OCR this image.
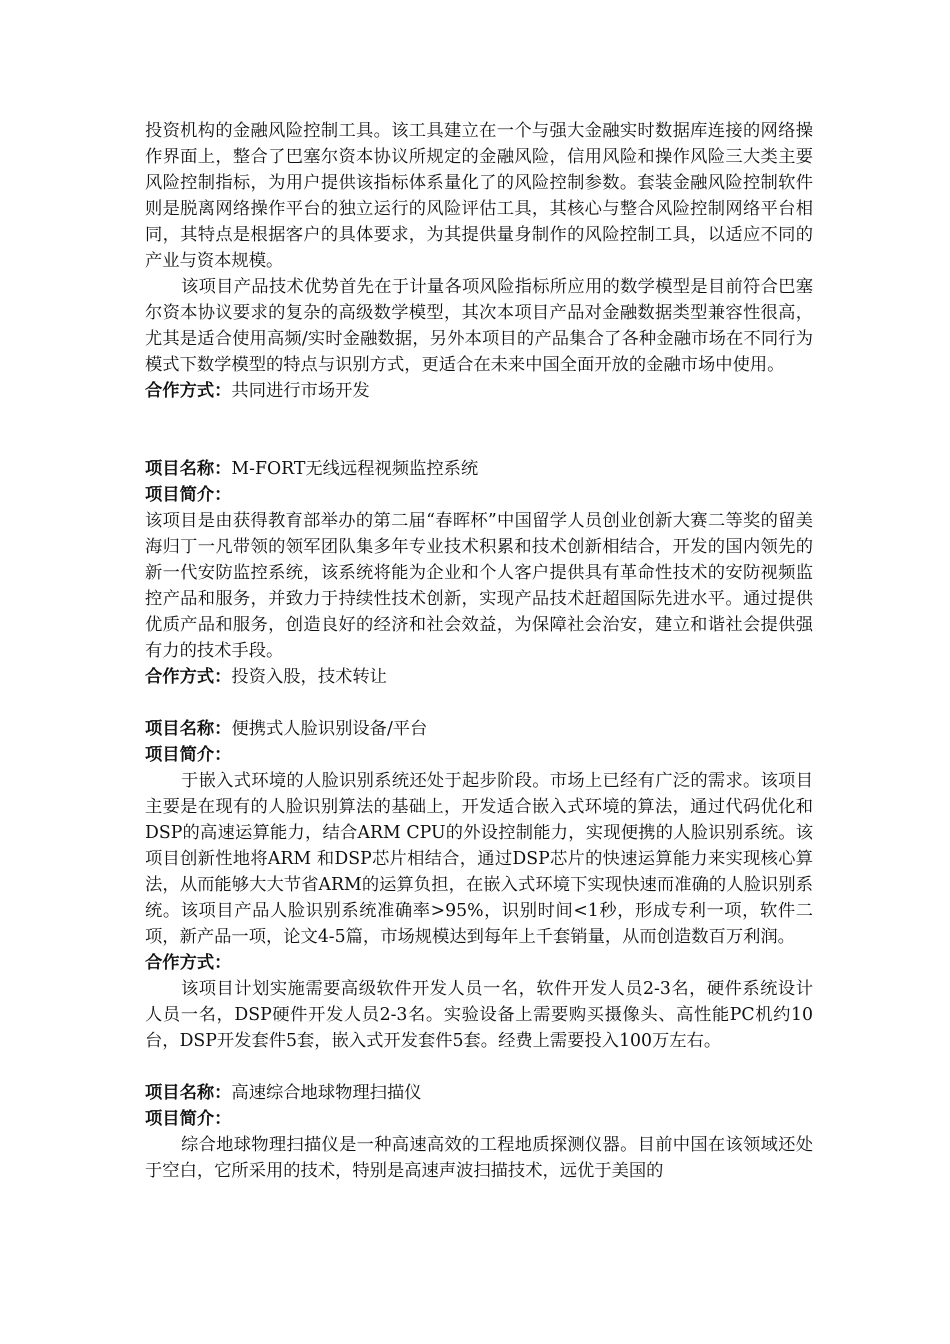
投资机构的金融风险控制工具。该工具建立在一个与强大金融实时数据库连接的网络操作界面上，整合了巴塞尔资本协议所规定的金融风险，信用风险和操作风险三大类主要风险控制指标，为用户提供该指标体系量化了的风险控制参数。套装金融风险控制软件则是脱离网络操作平台的独立运行的风险评估工具，其核心与整合风险控制网络平台相同，其特点是根据客户的具体要求，为其提供量身制作的风险控制工具，以适应不同的产业与资本规模。

该项目产品技术优势首先在于计量各项风险指标所应用的数学模型是目前符合巴塞尔资本协议要求的复杂的高级数学模型，其次本项目产品对金融数据类型兼容性很高，尤其是适合使用高频/实时金融数据，另外本项目的产品集合了各种金融市场在不同行为模式下数学模型的特点与识别方式，更适合在未来中国全面开放的金融市场中使用。

合作方式：共同进行市场开发

项目名称：M-FORT无线远程视频监控系统

项目简介：

该项目是由获得教育部举办的第二届“春晖杯”中国留学人员创业创新大赛二等奖的留美海归丁一凡带领的领军团队集多年专业技术积累和技术创新相结合，开发的国内领先的新一代安防监控系统，该系统将能为企业和个人客户提供具有革命性技术的安防视频监控产品和服务，并致力于持续性技术创新，实现产品技术赶超国际先进水平。通过提供优质产品和服务，创造良好的经济和社会效益，为保障社会治安，建立和谐社会提供强有力的技术手段。

合作方式：投资入股，技术转让

项目名称：便携式人脸识别设备/平台

项目简介：

于嵌入式环境的人脸识别系统还处于起步阶段。市场上已经有广泛的需求。该项目主要是在现有的人脸识别算法的基础上，开发适合嵌入式环境的算法，通过代码优化和DSP的高速运算能力，结合ARM CPU的外设控制能力，实现便携的人脸识别系统。该项目创新性地将ARM 和DSP芯片相结合，通过DSP芯片的快速运算能力来实现核心算法，从而能够大大节省ARM的运算负担，在嵌入式环境下实现快速而准确的人脸识别系统。该项目产品人脸识别系统准确率>95%，识别时间<1秒，形成专利一项，软件二项，新产品一项，论文4-5篇，市场规模达到每年上千套销量，从而创造数百万利润。

合作方式：

该项目计划实施需要高级软件开发人员一名，软件开发人员2-3名，硬件系统设计人员一名，DSP硬件开发人员2-3名。实验设备上需要购买摄像头、高性能PC机约10台，DSP开发套件5套，嵌入式开发套件5套。经费上需要投入100万左右。

项目名称：高速综合地球物理扫描仪

项目简介：

综合地球物理扫描仪是一种高速高效的工程地质探测仪器。目前中国在该领域还处于空白，它所采用的技术，特别是高速声波扫描技术，远优于美国的
